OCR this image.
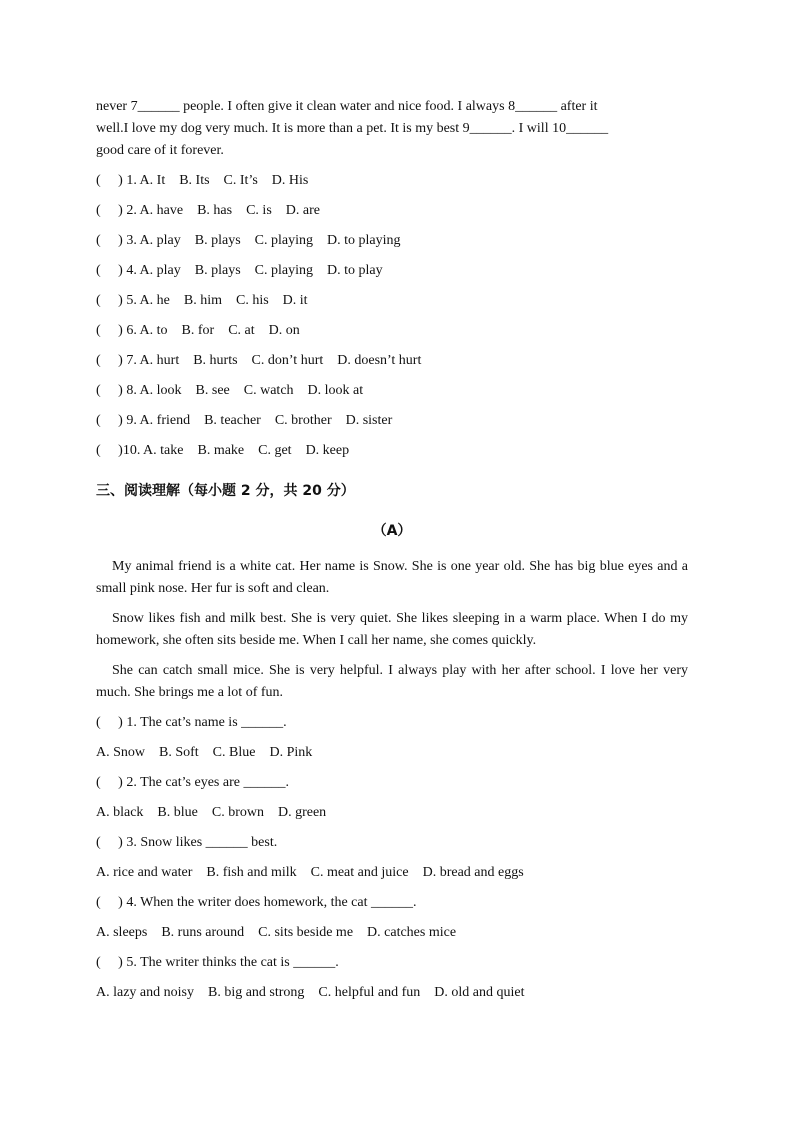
never 7______ people. I often give it clean water and nice food. I always 8______ after it

well.I love my dog very much. It is more than a pet. It is my best 9______. I will 10______

good care of it forever.

(　 ) 1. A. It　B. Its　C. It’s　D. His

(　 ) 2. A. have　B. has　C. is　D. are

(　 ) 3. A. play　B. plays　C. playing　D. to playing

(　 ) 4. A. play　B. plays　C. playing　D. to play

(　 ) 5. A. he　B. him　C. his　D. it

(　 ) 6. A. to　B. for　C. at　D. on

(　 ) 7. A. hurt　B. hurts　C. don’t hurt　D. doesn’t hurt

(　 ) 8. A. look　B. see　C. watch　D. look at

(　 ) 9. A. friend　B. teacher　C. brother　D. sister

(　 )10. A. take　B. make　C. get　D. keep

三、阅读理解（每小题 2 分，共 20 分）

（A）

My animal friend is a white cat. Her name is Snow. She is one year old. She has big blue eyes and a small pink nose. Her fur is soft and clean.

Snow likes fish and milk best. She is very quiet. She likes sleeping in a warm place. When I do my homework, she often sits beside me. When I call her name, she comes quickly.

She can catch small mice. She is very helpful. I always play with her after school. I love her very much. She brings me a lot of fun.

(　 ) 1. The cat’s name is ______.

A. Snow　B. Soft　C. Blue　D. Pink

(　 ) 2. The cat’s eyes are ______.

A. black　B. blue　C. brown　D. green

(　 ) 3. Snow likes ______ best.

A. rice and water　B. fish and milk　C. meat and juice　D. bread and eggs

(　 ) 4. When the writer does homework, the cat ______.

A. sleeps　B. runs around　C. sits beside me　D. catches mice

(　 ) 5. The writer thinks the cat is ______.

A. lazy and noisy　B. big and strong　C. helpful and fun　D. old and quiet
